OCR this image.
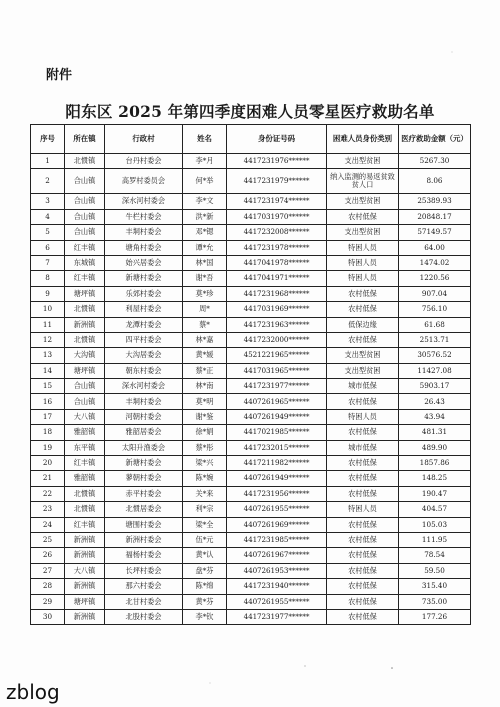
附件
阳东区 2025 年第四季度困难人员零星医疗救助名单
序号	所在镇	行政村	姓名	身份证号码	困难人员身份类别	医疗救助金额（元）
1	北惯镇	台丹村委会	李*月	4417231976******	支出型贫困	5267.30
2	合山镇	高罗村委员会	何*举	4417231979******	纳入监测的易返贫致贫人口	8.06
3	合山镇	深水河村委会	李*文	4417231974******	支出型贫困	25389.93
4	合山镇	牛栏村委会	洪*新	4417031970******	农村低保	20848.17
5	合山镇	丰垌村委会	邓*锶	4417232008******	支出型贫困	57149.57
6	红丰镇	塘角村委会	谭*允	4417231978******	特困人员	64.00
7	东城镇	始兴居委会	林*国	4417041978******	特困人员	1474.02
8	红丰镇	新塘村委会	谢*吾	4417041971******	特困人员	1220.56
9	塘坪镇	乐郊村委会	莫*珍	4417231968******	农村低保	907.04
10	北惯镇	利屋村委会	周*	4417031969******	农村低保	756.10
11	新洲镇	龙潭村委会	蔡*	4417231963******	低保边缘	61.68
12	北惯镇	四平村委会	林*嘉	4417232000******	农村低保	2513.71
13	大沟镇	大沟居委会	黄*媛	4521221965******	支出型贫困	30576.52
14	塘坪镇	朝东村委会	蔡*正	4417031965******	支出型贫困	11427.08
15	合山镇	深水河村委会	林*南	4417231977******	城市低保	5903.17
16	合山镇	丰垌村委会	莫*明	4407261965******	农村低保	26.43
17	大八镇	河朝村委会	谢*鉴	4407261949******	特困人员	43.94
18	雅韶镇	雅韶居委会	徐*娟	4417021985******	农村低保	481.31
19	东平镇	太阳升渔委会	蔡*彤	4417232015******	城市低保	489.90
20	红丰镇	新塘村委会	梁*兴	4417211982******	农村低保	1857.86
21	雅韶镇	蓼朝村委会	陈*婉	4407261949******	农村低保	148.25
22	北惯镇	赤平村委会	关*来	4417231956******	农村低保	190.47
23	北惯镇	北惯居委会	利*宗	4407261955******	特困人员	404.57
24	红丰镇	塘围村委会	梁*全	4407261969******	农村低保	105.03
25	新洲镇	新洲村委会	伍*元	4417231985******	农村低保	111.95
26	新洲镇	福杨村委会	黄*认	4407261967******	农村低保	78.54
27	大八镇	长坪村委会	盘*芬	4407261953******	农村低保	59.50
28	新洲镇	那六村委会	陈*绵	4417231940******	农村低保	315.40
29	塘坪镇	北甘村委会	黄*芬	4407261955******	农村低保	735.00
30	新洲镇	北股村委会	李*钦	4417231977******	农村低保	177.26
zblog
